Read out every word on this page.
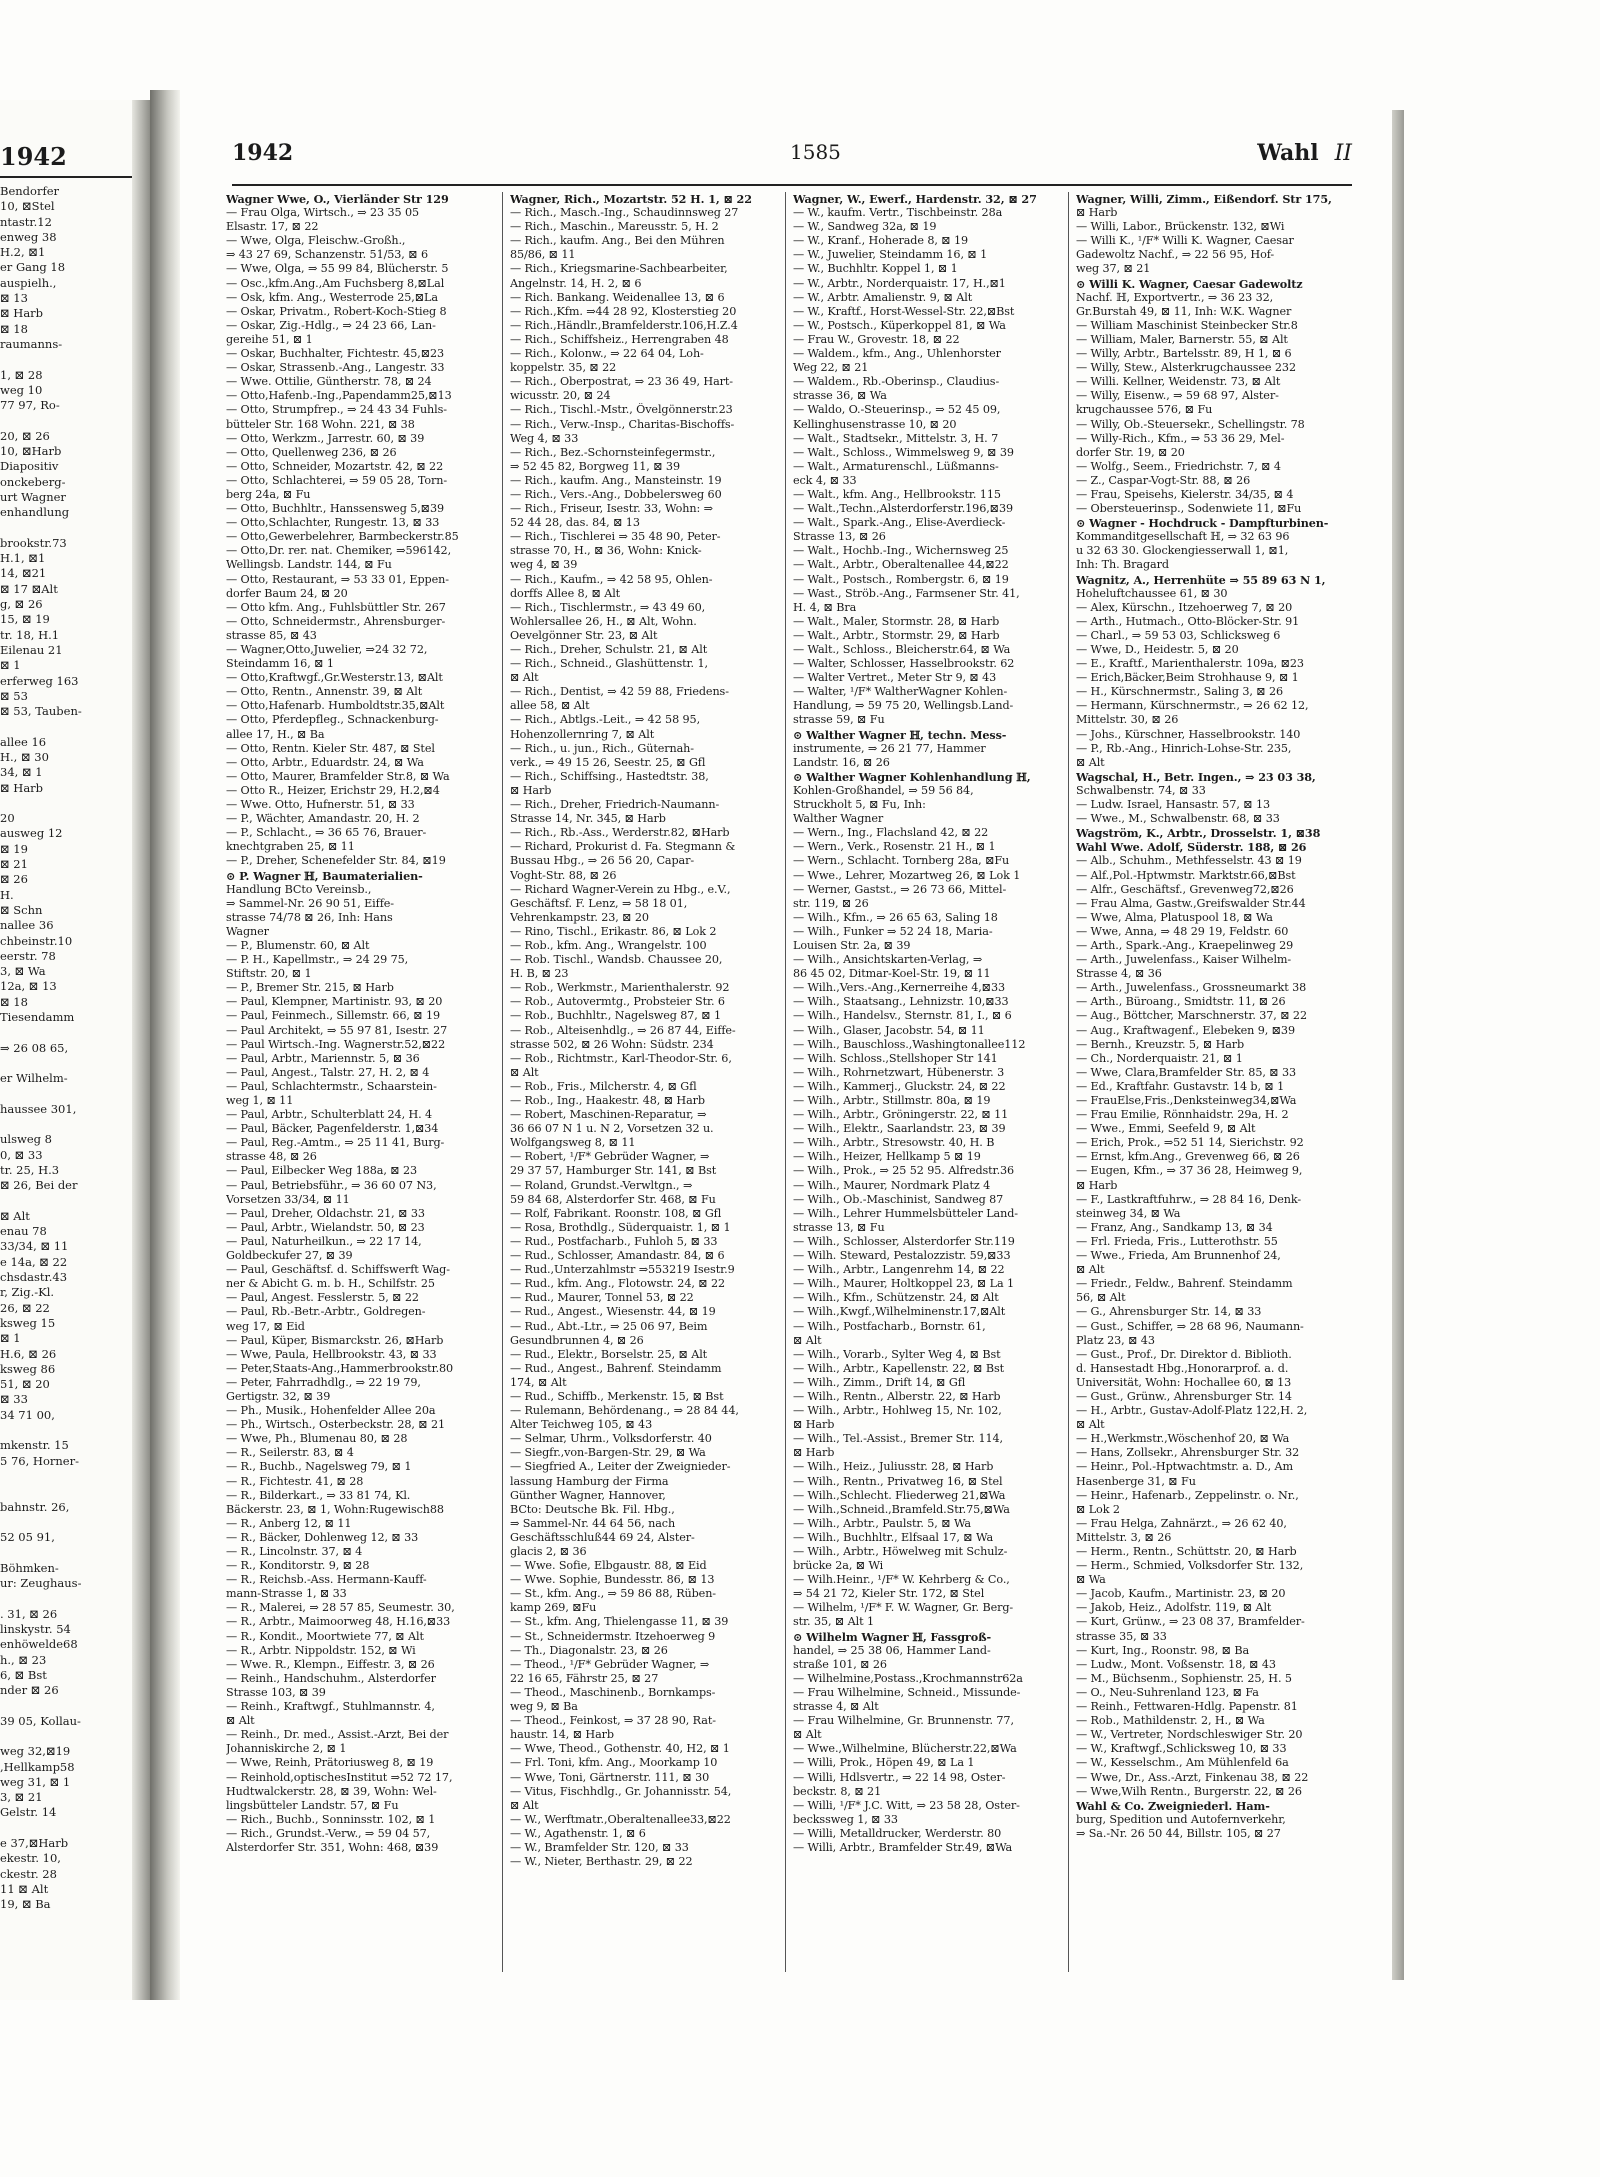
1942
Bendorfer
10, ⊠Stel
ntastr.12
enweg 38
H.2, ⊠1
er Gang 18
auspielh.,
⊠ 13
⊠ Harb
⊠ 18
raumanns-

1, ⊠ 28
weg 10
77 97, Ro-

20, ⊠ 26
10, ⊠Harb
Diapositiv
onckeberg-
urt Wagner
enhandlung

brookstr.73
H.1, ⊠1
14, ⊠21
⊠ 17 ⊠Alt
g, ⊠ 26
15, ⊠ 19
tr. 18, H.1
Eilenau 21
⊠ 1
erferweg 163
⊠ 53
⊠ 53, Tauben-

allee 16
H., ⊠ 30
34, ⊠ 1
⊠ Harb

20
ausweg 12
⊠ 19
⊠ 21
⊠ 26
H.
⊠ Schn
nallee 36
chbeinstr.10
eerstr. 78
3, ⊠ Wa
12a, ⊠ 13
⊠ 18
Tiesendamm

⇒ 26 08 65,

er Wilhelm-

haussee 301,

ulsweg 8
0, ⊠ 33
tr. 25, H.3
⊠ 26, Bei der

⊠ Alt
enau 78
33/34, ⊠ 11
e 14a, ⊠ 22
chsdastr.43
r, Zig.-Kl.
26, ⊠ 22
ksweg 15
⊠ 1
H.6, ⊠ 26
ksweg 86
51, ⊠ 20
⊠ 33
34 71 00,

mkenstr. 15
5 76, Horner-

bahnstr. 26,

52 05 91,

Böhmken-
ur: Zeughaus-

. 31, ⊠ 26
linskystr. 54
enhöwelde68
h., ⊠ 23
6, ⊠ Bst
nder ⊠ 26

39 05, Kollau-

weg 32,⊠19
,Hellkamp58
weg 31, ⊠ 1
3, ⊠ 21
Gelstr. 14

e 37,⊠Harb
ekestr. 10,
ckestr. 28
11 ⊠ Alt
19, ⊠ Ba
1942	1585	Wahl II
Wagner Wwe, O., Vierländer Str 129
— Frau Olga, Wirtsch., ⇒ 23 35 05
Elsastr. 17, ⊠ 22
— Wwe, Olga, Fleischw.-Großh.,
⇒ 43 27 69, Schanzenstr. 51/53, ⊠ 6
— Wwe, Olga, ⇒ 55 99 84, Blücherstr. 5
— Osc.,kfm.Ang.,Am Fuchsberg 8,⊠Lal
— Osk, kfm. Ang., Westerrode 25,⊠La
— Oskar, Privatm., Robert-Koch-Stieg 8
— Oskar, Zig.-Hdlg., ⇒ 24 23 66, Lan-
gereihe 51, ⊠ 1
— Oskar, Buchhalter, Fichtestr. 45,⊠23
— Oskar, Strassenb.-Ang., Langestr. 33
— Wwe. Ottilie, Güntherstr. 78, ⊠ 24
— Otto,Hafenb.-Ing.,Papendamm25,⊠13
— Otto, Strumpfrep., ⇒ 24 43 34 Fuhls-
bütteler Str. 168 Wohn. 221, ⊠ 38
— Otto, Werkzm., Jarrestr. 60, ⊠ 39
— Otto, Quellenweg 236, ⊠ 26
— Otto, Schneider, Mozartstr. 42, ⊠ 22
— Otto, Schlachterei, ⇒ 59 05 28, Torn-
berg 24a, ⊠ Fu
— Otto, Buchhltr., Hanssensweg 5,⊠39
— Otto,Schlachter, Rungestr. 13, ⊠ 33
— Otto,Gewerbelehrer, Barmbeckerstr.85
— Otto,Dr. rer. nat. Chemiker, ⇒596142,
Wellingsb. Landstr. 144, ⊠ Fu
— Otto, Restaurant, ⇒ 53 33 01, Eppen-
dorfer Baum 24, ⊠ 20
— Otto kfm. Ang., Fuhlsbüttler Str. 267
— Otto, Schneidermstr., Ahrensburger-
strasse 85, ⊠ 43
— Wagner,Otto,Juwelier, ⇒24 32 72,
Steindamm 16, ⊠ 1
— Otto,Kraftwgf.,Gr.Westerstr.13, ⊠Alt
— Otto, Rentn., Annenstr. 39, ⊠ Alt
— Otto,Hafenarb. Humboldtstr.35,⊠Alt
— Otto, Pferdepfleg., Schnackenburg-
allee 17, H., ⊠ Ba
— Otto, Rentn. Kieler Str. 487, ⊠ Stel
— Otto, Arbtr., Eduardstr. 24, ⊠ Wa
— Otto, Maurer, Bramfelder Str.8, ⊠ Wa
— Otto R., Heizer, Erichstr 29, H.2,⊠4
— Wwe. Otto, Hufnerstr. 51, ⊠ 33
— P., Wächter, Amandastr. 20, H. 2
— P., Schlacht., ⇒ 36 65 76, Brauer-
knechtgraben 25, ⊠ 11
— P., Dreher, Schenefelder Str. 84, ⊠19
⊙ P. Wagner ℍ, Baumaterialien-
Handlung BCto Vereinsb.,
⇒ Sammel-Nr. 26 90 51, Eiffe-
strasse 74/78 ⊠ 26, Inh: Hans
Wagner
— P., Blumenstr. 60, ⊠ Alt
— P. H., Kapellmstr., ⇒ 24 29 75,
Stiftstr. 20, ⊠ 1
— P., Bremer Str. 215, ⊠ Harb
— Paul, Klempner, Martinistr. 93, ⊠ 20
— Paul, Feinmech., Sillemstr. 66, ⊠ 19
— Paul Architekt, ⇒ 55 97 81, Isestr. 27
— Paul Wirtsch.-Ing. Wagnerstr.52,⊠22
— Paul, Arbtr., Mariennstr. 5, ⊠ 36
— Paul, Angest., Talstr. 27, H. 2, ⊠ 4
— Paul, Schlachtermstr., Schaarstein-
weg 1, ⊠ 11
— Paul, Arbtr., Schulterblatt 24, H. 4
— Paul, Bäcker, Pagenfelderstr. 1,⊠34
— Paul, Reg.-Amtm., ⇒ 25 11 41, Burg-
strasse 48, ⊠ 26
— Paul, Eilbecker Weg 188a, ⊠ 23
— Paul, Betriebsführ., ⇒ 36 60 07 N3,
Vorsetzen 33/34, ⊠ 11
— Paul, Dreher, Oldachstr. 21, ⊠ 33
— Paul, Arbtr., Wielandstr. 50, ⊠ 23
— Paul, Naturheilkun., ⇒ 22 17 14,
Goldbeckufer 27, ⊠ 39
— Paul, Geschäftsf. d. Schiffswerft Wag-
ner & Abicht G. m. b. H., Schilfstr. 25
— Paul, Angest. Fesslerstr. 5, ⊠ 22
— Paul, Rb.-Betr.-Arbtr., Goldregen-
weg 17, ⊠ Eid
— Paul, Küper, Bismarckstr. 26, ⊠Harb
— Wwe, Paula, Hellbrookstr. 43, ⊠ 33
— Peter,Staats-Ang.,Hammerbrookstr.80
— Peter, Fahrradhdlg., ⇒ 22 19 79,
Gertigstr. 32, ⊠ 39
— Ph., Musik., Hohenfelder Allee 20a
— Ph., Wirtsch., Osterbeckstr. 28, ⊠ 21
— Wwe, Ph., Blumenau 80, ⊠ 28
— R., Seilerstr. 83, ⊠ 4
— R., Buchb., Nagelsweg 79, ⊠ 1
— R., Fichtestr. 41, ⊠ 28
— R., Bilderkart., ⇒ 33 81 74, Kl.
Bäckerstr. 23, ⊠ 1, Wohn:Rugewisch88
— R., Anberg 12, ⊠ 11
— R., Bäcker, Dohlenweg 12, ⊠ 33
— R., Lincolnstr. 37, ⊠ 4
— R., Konditorstr. 9, ⊠ 28
— R., Reichsb.-Ass. Hermann-Kauff-
mann-Strasse 1, ⊠ 33
— R., Malerei, ⇒ 28 57 85, Seumestr. 30,
— R., Arbtr., Maimoorweg 48, H.16,⊠33
— R., Kondit., Moortwiete 77, ⊠ Alt
— R., Arbtr. Nippoldstr. 152, ⊠ Wi
— Wwe. R., Klempn., Eiffestr. 3, ⊠ 26
— Reinh., Handschuhm., Alsterdorfer
Strasse 103, ⊠ 39
— Reinh., Kraftwgf., Stuhlmannstr. 4,
⊠ Alt
— Reinh., Dr. med., Assist.-Arzt, Bei der
Johanniskirche 2, ⊠ 1
— Wwe, Reinh, Prätoriusweg 8, ⊠ 19
— Reinhold,optischesInstitut ⇒52 72 17,
Hudtwalckerstr. 28, ⊠ 39, Wohn: Wel-
lingsbütteler Landstr. 57, ⊠ Fu
— Rich., Buchb., Sonninsstr. 102, ⊠ 1
— Rich., Grundst.-Verw., ⇒ 59 04 57,
Alsterdorfer Str. 351, Wohn: 468, ⊠39
Wagner, Rich., Mozartstr. 52 H. 1, ⊠ 22
— Rich., Masch.-Ing., Schaudinnsweg 27
— Rich., Maschin., Mareusstr. 5, H. 2
— Rich., kaufm. Ang., Bei den Mühren
85/86, ⊠ 11
— Rich., Kriegsmarine-Sachbearbeiter,
Angelnstr. 14, H. 2, ⊠ 6
— Rich. Bankang. Weidenallee 13, ⊠ 6
— Rich.,Kfm. ⇒44 28 92, Klosterstieg 20
— Rich.,Händlr.,Bramfelderstr.106,H.Z.4
— Rich., Schiffsheiz., Herrengraben 48
— Rich., Kolonw., ⇒ 22 64 04, Loh-
koppelstr. 35, ⊠ 22
— Rich., Oberpostrat, ⇒ 23 36 49, Hart-
wicusstr. 20, ⊠ 24
— Rich., Tischl.-Mstr., Övelgönnerstr.23
— Rich., Verw.-Insp., Charitas-Bischoffs-
Weg 4, ⊠ 33
— Rich., Bez.-Schornsteinfegermstr.,
⇒ 52 45 82, Borgweg 11, ⊠ 39
— Rich., kaufm. Ang., Mansteinstr. 19
— Rich., Vers.-Ang., Dobbelersweg 60
— Rich., Friseur, Isestr. 33, Wohn: ⇒
52 44 28, das. 84, ⊠ 13
— Rich., Tischlerei ⇒ 35 48 90, Peter-
strasse 70, H., ⊠ 36, Wohn: Knick-
weg 4, ⊠ 39
— Rich., Kaufm., ⇒ 42 58 95, Ohlen-
dorffs Allee 8, ⊠ Alt
— Rich., Tischlermstr., ⇒ 43 49 60,
Wohlersallee 26, H., ⊠ Alt, Wohn.
Oevelgönner Str. 23, ⊠ Alt
— Rich., Dreher, Schulstr. 21, ⊠ Alt
— Rich., Schneid., Glashüttenstr. 1,
⊠ Alt
— Rich., Dentist, ⇒ 42 59 88, Friedens-
allee 58, ⊠ Alt
— Rich., Abtlgs.-Leit., ⇒ 42 58 95,
Hohenzollernring 7, ⊠ Alt
— Rich., u. jun., Rich., Güternah-
verk., ⇒ 49 15 26, Seestr. 25, ⊠ Gfl
— Rich., Schiffsing., Hastedtstr. 38,
⊠ Harb
— Rich., Dreher, Friedrich-Naumann-
Strasse 14, Nr. 345, ⊠ Harb
— Rich., Rb.-Ass., Werderstr.82, ⊠Harb
— Richard, Prokurist d. Fa. Stegmann &
Bussau Hbg., ⇒ 26 56 20, Capar-
Voght-Str. 88, ⊠ 26
— Richard Wagner-Verein zu Hbg., e.V.,
Geschäftsf. F. Lenz, ⇒ 58 18 01,
Vehrenkampstr. 23, ⊠ 20
— Rino, Tischl., Erikastr. 86, ⊠ Lok 2
— Rob., kfm. Ang., Wrangelstr. 100
— Rob. Tischl., Wandsb. Chaussee 20,
H. B, ⊠ 23
— Rob., Werkmstr., Marienthalerstr. 92
— Rob., Autovermtg., Probsteier Str. 6
— Rob., Buchhltr., Nagelsweg 87, ⊠ 1
— Rob., Alteisenhdlg., ⇒ 26 87 44, Eiffe-
strasse 502, ⊠ 26 Wohn: Südstr. 234
— Rob., Richtmstr., Karl-Theodor-Str. 6,
⊠ Alt
— Rob., Fris., Milcherstr. 4, ⊠ Gfl
— Rob., Ing., Haakestr. 48, ⊠ Harb
— Robert, Maschinen-Reparatur, ⇒
36 66 07 N 1 u. N 2, Vorsetzen 32 u.
Wolfgangsweg 8, ⊠ 11
— Robert, ¹/F* Gebrüder Wagner, ⇒
29 37 57, Hamburger Str. 141, ⊠ Bst
— Roland, Grundst.-Verwltgn., ⇒
59 84 68, Alsterdorfer Str. 468, ⊠ Fu
— Rolf, Fabrikant. Roonstr. 108, ⊠ Gfl
— Rosa, Brothdlg., Süderquaistr. 1, ⊠ 1
— Rud., Postfacharb., Fuhloh 5, ⊠ 33
— Rud., Schlosser, Amandastr. 84, ⊠ 6
— Rud.,Unterzahlmstr ⇒553219 Isestr.9
— Rud., kfm. Ang., Flotowstr. 24, ⊠ 22
— Rud., Maurer, Tonnel 53, ⊠ 22
— Rud., Angest., Wiesenstr. 44, ⊠ 19
— Rud., Abt.-Ltr., ⇒ 25 06 97, Beim
Gesundbrunnen 4, ⊠ 26
— Rud., Elektr., Borselstr. 25, ⊠ Alt
— Rud., Angest., Bahrenf. Steindamm
174, ⊠ Alt
— Rud., Schiffb., Merkenstr. 15, ⊠ Bst
— Rulemann, Behördenang., ⇒ 28 84 44,
Alter Teichweg 105, ⊠ 43
— Selmar, Uhrm., Volksdorferstr. 40
— Siegfr.,von-Bargen-Str. 29, ⊠ Wa
— Siegfried A., Leiter der Zweignieder-
lassung Hamburg der Firma
Günther Wagner, Hannover,
BCto: Deutsche Bk. Fil. Hbg.,
⇒ Sammel-Nr. 44 64 56, nach
Geschäftsschluß44 69 24, Alster-
glacis 2, ⊠ 36
— Wwe. Sofie, Elbgaustr. 88, ⊠ Eid
— Wwe. Sophie, Bundesstr. 86, ⊠ 13
— St., kfm. Ang., ⇒ 59 86 88, Rüben-
kamp 269, ⊠Fu
— St., kfm. Ang, Thielengasse 11, ⊠ 39
— St., Schneidermstr. Itzehoerweg 9
— Th., Diagonalstr. 23, ⊠ 26
— Theod., ¹/F* Gebrüder Wagner, ⇒
22 16 65, Fährstr 25, ⊠ 27
— Theod., Maschinenb., Bornkamps-
weg 9, ⊠ Ba
— Theod., Feinkost, ⇒ 37 28 90, Rat-
haustr. 14, ⊠ Harb
— Wwe, Theod., Gothenstr. 40, H2, ⊠ 1
— Frl. Toni, kfm. Ang., Moorkamp 10
— Wwe, Toni, Gärtnerstr. 111, ⊠ 30
— Vitus, Fischhdlg., Gr. Johannisstr. 54,
⊠ Alt
— W., Werftmatr.,Oberaltenallee33,⊠22
— W., Agathenstr. 1, ⊠ 6
— W., Bramfelder Str. 120, ⊠ 33
— W., Nieter, Berthastr. 29, ⊠ 22
Wagner, W., Ewerf., Hardenstr. 32, ⊠ 27
— W., kaufm. Vertr., Tischbeinstr. 28a
— W., Sandweg 32a, ⊠ 19
— W., Kranf., Hoherade 8, ⊠ 19
— W., Juwelier, Steindamm 16, ⊠ 1
— W., Buchhltr. Koppel 1, ⊠ 1
— W., Arbtr., Norderquaistr. 17, H.,⊠1
— W., Arbtr. Amalienstr. 9, ⊠ Alt
— W., Kraftf., Horst-Wessel-Str. 22,⊠Bst
— W., Postsch., Küperkoppel 81, ⊠ Wa
— Frau W., Grovestr. 18, ⊠ 22
— Waldem., kfm., Ang., Uhlenhorster
Weg 22, ⊠ 21
— Waldem., Rb.-Oberinsp., Claudius-
strasse 36, ⊠ Wa
— Waldo, O.-Steuerinsp., ⇒ 52 45 09,
Kellinghusenstrasse 10, ⊠ 20
— Walt., Stadtsekr., Mittelstr. 3, H. 7
— Walt., Schloss., Wimmelsweg 9, ⊠ 39
— Walt., Armaturenschl., Lüßmanns-
eck 4, ⊠ 33
— Walt., kfm. Ang., Hellbrookstr. 115
— Walt.,Techn.,Alsterdorferstr.196,⊠39
— Walt., Spark.-Ang., Elise-Averdieck-
Strasse 13, ⊠ 26
— Walt., Hochb.-Ing., Wichernsweg 25
— Walt., Arbtr., Oberaltenallee 44,⊠22
— Walt., Postsch., Rombergstr. 6, ⊠ 19
— Wast., Ströb.-Ang., Farmsener Str. 41,
H. 4, ⊠ Bra
— Walt., Maler, Stormstr. 28, ⊠ Harb
— Walt., Arbtr., Stormstr. 29, ⊠ Harb
— Walt., Schloss., Bleicherstr.64, ⊠ Wa
— Walter, Schlosser, Hasselbrookstr. 62
— Walter Vertret., Meter Str 9, ⊠ 43
— Walter, ¹/F* WaltherWagner Kohlen-
Handlung, ⇒ 59 75 20, Wellingsb.Land-
strasse 59, ⊠ Fu
⊙ Walther Wagner ℍ, techn. Mess-
instrumente, ⇒ 26 21 77, Hammer
Landstr. 16, ⊠ 26
⊙ Walther Wagner Kohlenhandlung ℍ,
Kohlen-Großhandel, ⇒ 59 56 84,
Struckholt 5, ⊠ Fu, Inh:
Walther Wagner
— Wern., Ing., Flachsland 42, ⊠ 22
— Wern., Verk., Rosenstr. 21 H., ⊠ 1
— Wern., Schlacht. Tornberg 28a, ⊠Fu
— Wwe., Lehrer, Mozartweg 26, ⊠ Lok 1
— Werner, Gastst., ⇒ 26 73 66, Mittel-
str. 119, ⊠ 26
— Wilh., Kfm., ⇒ 26 65 63, Saling 18
— Wilh., Funker ⇒ 52 24 18, Maria-
Louisen Str. 2a, ⊠ 39
— Wilh., Ansichtskarten-Verlag, ⇒
86 45 02, Ditmar-Koel-Str. 19, ⊠ 11
— Wilh.,Vers.-Ang.,Kernerreihe 4,⊠33
— Wilh., Staatsang., Lehnizstr. 10,⊠33
— Wilh., Handelsv., Sternstr. 81, I., ⊠ 6
— Wilh., Glaser, Jacobstr. 54, ⊠ 11
— Wilh., Bauschloss.,Washingtonallee112
— Wilh. Schloss.,Stellshoper Str 141
— Wilh., Rohrnetzwart, Hübenerstr. 3
— Wilh., Kammerj., Gluckstr. 24, ⊠ 22
— Wilh., Arbtr., Stillmstr. 80a, ⊠ 19
— Wilh., Arbtr., Gröningerstr. 22, ⊠ 11
— Wilh., Elektr., Saarlandstr. 23, ⊠ 39
— Wilh., Arbtr., Stresowstr. 40, H. B
— Wilh., Heizer, Hellkamp 5 ⊠ 19
— Wilh., Prok., ⇒ 25 52 95. Alfredstr.36
— Wilh., Maurer, Nordmark Platz 4
— Wilh., Ob.-Maschinist, Sandweg 87
— Wilh., Lehrer Hummelsbütteler Land-
strasse 13, ⊠ Fu
— Wilh., Schlosser, Alsterdorfer Str.119
— Wilh. Steward, Pestalozzistr. 59,⊠33
— Wilh., Arbtr., Langenrehm 14, ⊠ 22
— Wilh., Maurer, Holtkoppel 23, ⊠ La 1
— Wilh., Kfm., Schützenstr. 24, ⊠ Alt
— Wilh.,Kwgf.,Wilhelminenstr.17,⊠Alt
— Wilh., Postfacharb., Bornstr. 61,
⊠ Alt
— Wilh., Vorarb., Sylter Weg 4, ⊠ Bst
— Wilh., Arbtr., Kapellenstr. 22, ⊠ Bst
— Wilh., Zimm., Drift 14, ⊠ Gfl
— Wilh., Rentn., Alberstr. 22, ⊠ Harb
— Wilh., Arbtr., Hohlweg 15, Nr. 102,
⊠ Harb
— Wilh., Tel.-Assist., Bremer Str. 114,
⊠ Harb
— Wilh., Heiz., Juliusstr. 28, ⊠ Harb
— Wilh., Rentn., Privatweg 16, ⊠ Stel
— Wilh.,Schlecht. Fliederweg 21,⊠Wa
— Wilh.,Schneid.,Bramfeld.Str.75,⊠Wa
— Wilh., Arbtr., Paulstr. 5, ⊠ Wa
— Wilh., Buchhltr., Elfsaal 17, ⊠ Wa
— Wilh., Arbtr., Höwelweg mit Schulz-
brücke 2a, ⊠ Wi
— Wilh.Heinr., ¹/F* W. Kehrberg & Co.,
⇒ 54 21 72, Kieler Str. 172, ⊠ Stel
— Wilhelm, ¹/F* F. W. Wagner, Gr. Berg-
str. 35, ⊠ Alt 1
⊙ Wilhelm Wagner ℍ, Fassgroß-
handel, ⇒ 25 38 06, Hammer Land-
straße 101, ⊠ 26
— Wilhelmine,Postass.,Krochmannstr62a
— Frau Wilhelmine, Schneid., Missunde-
strasse 4, ⊠ Alt
— Frau Wilhelmine, Gr. Brunnenstr. 77,
⊠ Alt
— Wwe.,Wilhelmine, Blücherstr.22,⊠Wa
— Willi, Prok., Höpen 49, ⊠ La 1
— Willi, Hdlsvertr., ⇒ 22 14 98, Oster-
beckstr. 8, ⊠ 21
— Willi, ¹/F* J.C. Witt, ⇒ 23 58 28, Oster-
beckssweg 1, ⊠ 33
— Willi, Metalldrucker, Werderstr. 80
— Willi, Arbtr., Bramfelder Str.49, ⊠Wa
Wagner, Willi, Zimm., Eißendorf. Str 175,
⊠ Harb
— Willi, Labor., Brückenstr. 132, ⊠Wi
— Willi K., ¹/F* Willi K. Wagner, Caesar
Gadewoltz Nachf., ⇒ 22 56 95, Hof-
weg 37, ⊠ 21
⊙ Willi K. Wagner, Caesar Gadewoltz
Nachf. ℍ, Exportvertr., ⇒ 36 23 32,
Gr.Burstah 49, ⊠ 11, Inh: W.K. Wagner
— William Maschinist Steinbecker Str.8
— William, Maler, Barnerstr. 55, ⊠ Alt
— Willy, Arbtr., Bartelsstr. 89, H 1, ⊠ 6
— Willy, Stew., Alsterkrugchaussee 232
— Willi. Kellner, Weidenstr. 73, ⊠ Alt
— Willy, Eisenw., ⇒ 59 68 97, Alster-
krugchaussee 576, ⊠ Fu
— Willy, Ob.-Steuersekr., Schellingstr. 78
— Willy-Rich., Kfm., ⇒ 53 36 29, Mel-
dorfer Str. 19, ⊠ 20
— Wolfg., Seem., Friedrichstr. 7, ⊠ 4
— Z., Caspar-Vogt-Str. 88, ⊠ 26
— Frau, Speisehs, Kielerstr. 34/35, ⊠ 4
— Obersteuerinsp., Sodenwiete 11, ⊠Fu
⊙ Wagner - Hochdruck - Dampfturbinen-
Kommanditgesellschaft ℍ, ⇒ 32 63 96
u 32 63 30. Glockengiesserwall 1, ⊠1,
Inh: Th. Bragard
Wagnitz, A., Herrenhüte ⇒ 55 89 63 N 1,
Hoheluftchaussee 61, ⊠ 30
— Alex, Kürschn., Itzehoerweg 7, ⊠ 20
— Arth., Hutmach., Otto-Blöcker-Str. 91
— Charl., ⇒ 59 53 03, Schlicksweg 6
— Wwe, D., Heidestr. 5, ⊠ 20
— E., Kraftf., Marienthalerstr. 109a, ⊠23
— Erich,Bäcker,Beim Strohhause 9, ⊠ 1
— H., Kürschnermstr., Saling 3, ⊠ 26
— Hermann, Kürschnermstr., ⇒ 26 62 12,
Mittelstr. 30, ⊠ 26
— Johs., Kürschner, Hasselbrookstr. 140
— P., Rb.-Ang., Hinrich-Lohse-Str. 235,
⊠ Alt
Wagschal, H., Betr. Ingen., ⇒ 23 03 38,
Schwalbenstr. 74, ⊠ 33
— Ludw. Israel, Hansastr. 57, ⊠ 13
— Wwe., M., Schwalbenstr. 68, ⊠ 33
Wagström, K., Arbtr., Drosselstr. 1, ⊠38
Wahl Wwe. Adolf, Süderstr. 188, ⊠ 26
— Alb., Schuhm., Methfesselstr. 43 ⊠ 19
— Alf.,Pol.-Hptwmstr. Marktstr.66,⊠Bst
— Alfr., Geschäftsf., Grevenweg72,⊠26
— Frau Alma, Gastw.,Greifswalder Str.44
— Wwe, Alma, Platuspool 18, ⊠ Wa
— Wwe, Anna, ⇒ 48 29 19, Feldstr. 60
— Arth., Spark.-Ang., Kraepelinweg 29
— Arth., Juwelenfass., Kaiser Wilhelm-
Strasse 4, ⊠ 36
— Arth., Juwelenfass., Grossneumarkt 38
— Arth., Büroang., Smidtstr. 11, ⊠ 26
— Aug., Böttcher, Marschnerstr. 37, ⊠ 22
— Aug., Kraftwagenf., Elebeken 9, ⊠39
— Bernh., Kreuzstr. 5, ⊠ Harb
— Ch., Norderquaistr. 21, ⊠ 1
— Wwe, Clara,Bramfelder Str. 85, ⊠ 33
— Ed., Kraftfahr. Gustavstr. 14 b, ⊠ 1
— FrauElse,Fris.,Denksteinweg34,⊠Wa
— Frau Emilie, Rönnhaidstr. 29a, H. 2
— Wwe., Emmi, Seefeld 9, ⊠ Alt
— Erich, Prok., ⇒52 51 14, Sierichstr. 92
— Ernst, kfm.Ang., Grevenweg 66, ⊠ 26
— Eugen, Kfm., ⇒ 37 36 28, Heimweg 9,
⊠ Harb
— F., Lastkraftfuhrw., ⇒ 28 84 16, Denk-
steinweg 34, ⊠ Wa
— Franz, Ang., Sandkamp 13, ⊠ 34
— Frl. Frieda, Fris., Lutterothstr. 55
— Wwe., Frieda, Am Brunnenhof 24,
⊠ Alt
— Friedr., Feldw., Bahrenf. Steindamm
56, ⊠ Alt
— G., Ahrensburger Str. 14, ⊠ 33
— Gust., Schiffer, ⇒ 28 68 96, Naumann-
Platz 23, ⊠ 43
— Gust., Prof., Dr. Direktor d. Biblioth.
d. Hansestadt Hbg.,Honorarprof. a. d.
Universität, Wohn: Hochallee 60, ⊠ 13
— Gust., Grünw., Ahrensburger Str. 14
— H., Arbtr., Gustav-Adolf-Platz 122,H. 2,
⊠ Alt
— H.,Werkmstr.,Wöschenhof 20, ⊠ Wa
— Hans, Zollsekr., Ahrensburger Str. 32
— Heinr., Pol.-Hptwachtmstr. a. D., Am
Hasenberge 31, ⊠ Fu
— Heinr., Hafenarb., Zeppelinstr. o. Nr.,
⊠ Lok 2
— Frau Helga, Zahnärzt., ⇒ 26 62 40,
Mittelstr. 3, ⊠ 26
— Herm., Rentn., Schüttstr. 20, ⊠ Harb
— Herm., Schmied, Volksdorfer Str. 132,
⊠ Wa
— Jacob, Kaufm., Martinistr. 23, ⊠ 20
— Jakob, Heiz., Adolfstr. 119, ⊠ Alt
— Kurt, Grünw., ⇒ 23 08 37, Bramfelder-
strasse 35, ⊠ 33
— Kurt, Ing., Roonstr. 98, ⊠ Ba
— Ludw., Mont. Voßsenstr. 18, ⊠ 43
— M., Büchsenm., Sophienstr. 25, H. 5
— O., Neu-Suhrenland 123, ⊠ Fa
— Reinh., Fettwaren-Hdlg. Papenstr. 81
— Rob., Mathildenstr. 2, H., ⊠ Wa
— W., Vertreter, Nordschleswiger Str. 20
— W., Kraftwgf.,Schlicksweg 10, ⊠ 33
— W., Kesselschm., Am Mühlenfeld 6a
— Wwe, Dr., Ass.-Arzt, Finkenau 38, ⊠ 22
— Wwe,Wilh Rentn., Burgerstr. 22, ⊠ 26
Wahl & Co. Zweigniederl. Ham-
burg, Spedition und Autofernverkehr,
⇒ Sa.-Nr. 26 50 44, Billstr. 105, ⊠ 27
